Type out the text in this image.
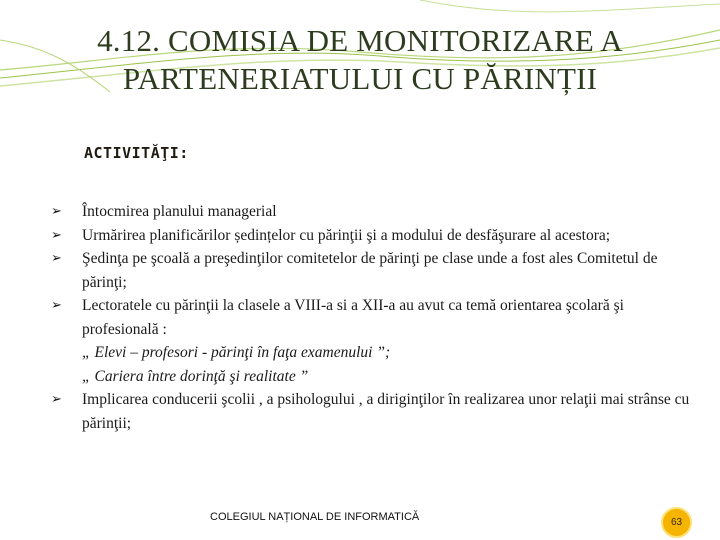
4.12. COMISIA DE MONITORIZARE A
PARTENERIATULUI CU PĂRINȚII
ACTIVITĂŢI:
➢ Întocmirea planului managerial
➢ Urmărirea planificărilor ședințelor cu părinţii şi a modului de desfăşurare al acestora;
➢ Şedinţa pe şcoală a preşedinţilor comitetelor de părinţi pe clase unde a fost ales Comitetul de părinţi;
➢ Lectoratele cu părinţii la clasele a VIII-a si a XII-a au avut ca temă orientarea şcolară şi profesională :
„ Elevi – profesori - părinţi în faţa examenului ”;
„ Cariera între dorinţă şi realitate ”
➢ Implicarea conducerii şcolii , a psihologului , a diriginţilor în realizarea unor relaţii mai strânse cu părinţii;
COLEGIUL NAȚIONAL DE INFORMATICĂ	63
